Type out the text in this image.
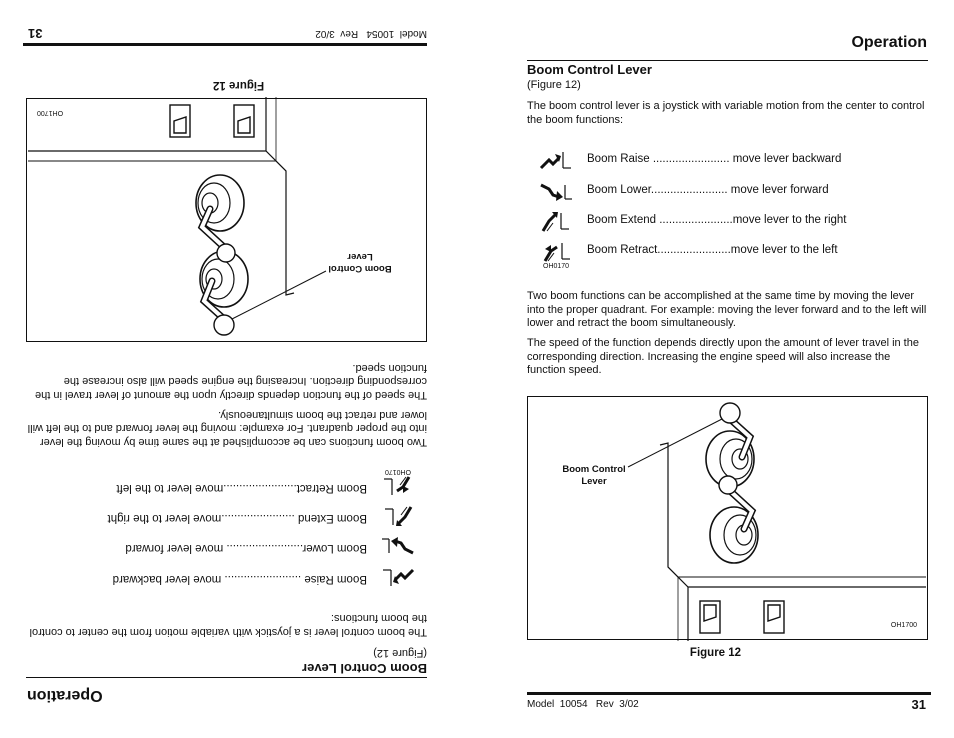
Operation
Boom Control Lever
(Figure 12)

The boom control lever is a joystick with variable motion from the center to control the boom functions:

Boom Raise ........................ move lever backward
Boom Lower........................ move lever forward
Boom Extend .......................move lever to the right
Boom Retract.......................move lever to the left
OH0170

Two boom functions can be accomplished at the same time by moving the lever into the proper quadrant. For example: moving the lever forward and to the left will lower and retract the boom simultaneously.

The speed of the function depends directly upon the amount of lever travel in the corresponding direction. Increasing the engine speed will also increase the function speed.

Boom Control Lever
OH1700
Figure 12
Model  10054   Rev  3/02
31
Operation
Boom Control Lever
(Figure 12)

The boom control lever is a joystick with variable motion from the center to control the boom functions:

Boom Raise ........................ move lever backward
Boom Lower........................ move lever forward
Boom Extend .......................move lever to the right
Boom Retract.......................move lever to the left
OH0170

Two boom functions can be accomplished at the same time by moving the lever into the proper quadrant. For example: moving the lever forward and to the left will lower and retract the boom simultaneously.

The speed of the function depends directly upon the amount of lever travel in the corresponding direction. Increasing the engine speed will also increase the function speed.

Boom Control Lever
OH1700
Figure 12
Model  10054   Rev  3/02	31
